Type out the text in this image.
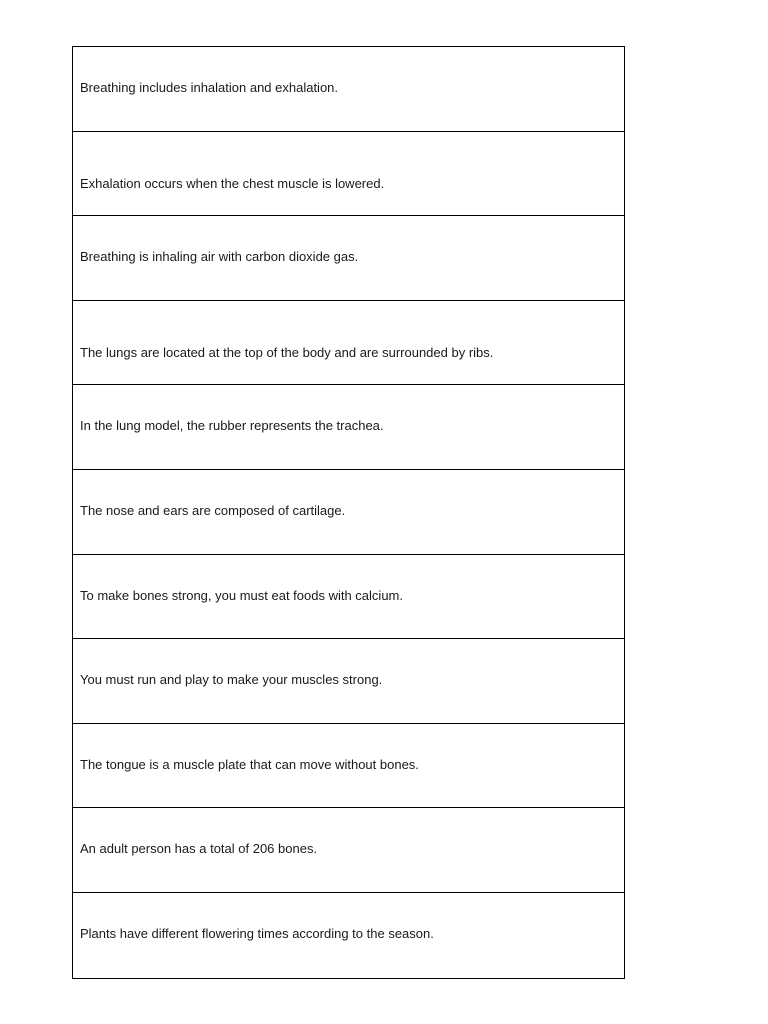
Breathing includes inhalation and exhalation.
Exhalation occurs when the chest muscle is lowered.
Breathing is inhaling air with carbon dioxide gas.
The lungs are located at the top of the body and are surrounded by ribs.
In the lung model, the rubber represents the trachea.
The nose and ears are composed of cartilage.
To make bones strong, you must eat foods with calcium.
You must run and play to make your muscles strong.
The tongue is a muscle plate that can move without bones.
An adult person has a total of 206 bones.
Plants have different flowering times according to the season.
